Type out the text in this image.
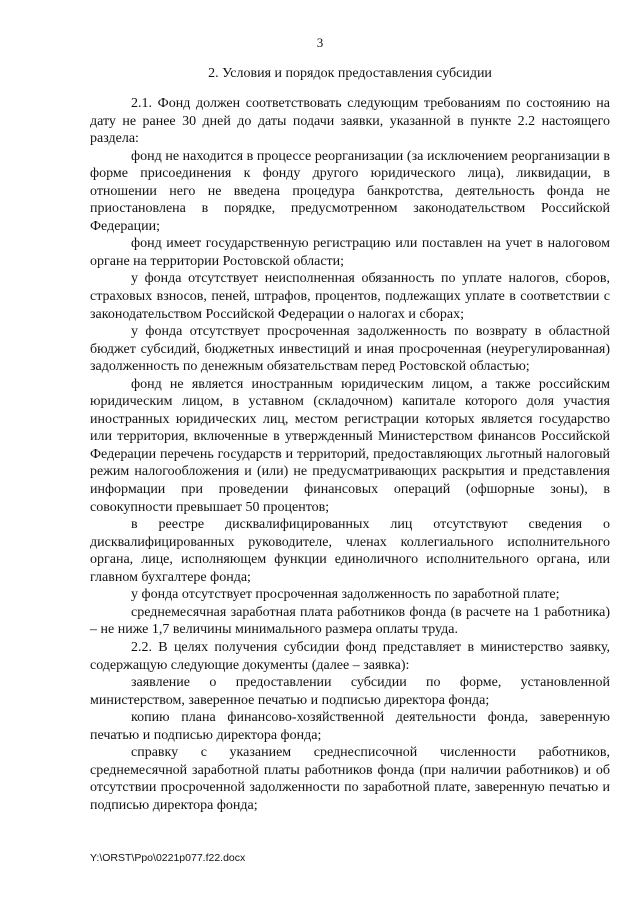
3
2. Условия и порядок предоставления субсидии

2.1. Фонд должен соответствовать следующим требованиям по состоянию на дату не ранее 30 дней до даты подачи заявки, указанной в пункте 2.2 настоящего раздела:

фонд не находится в процессе реорганизации (за исключением реорганизации в форме присоединения к фонду другого юридического лица), ликвидации, в отношении него не введена процедура банкротства, деятельность фонда не приостановлена в порядке, предусмотренном законодательством Российской Федерации;

фонд имеет государственную регистрацию или поставлен на учет в налоговом органе на территории Ростовской области;

у фонда отсутствует неисполненная обязанность по уплате налогов, сборов, страховых взносов, пеней, штрафов, процентов, подлежащих уплате в соответствии с законодательством Российской Федерации о налогах и сборах;

у фонда отсутствует просроченная задолженность по возврату в областной бюджет субсидий, бюджетных инвестиций и иная просроченная (неурегулированная) задолженность по денежным обязательствам перед Ростовской областью;

фонд не является иностранным юридическим лицом, а также российским юридическим лицом, в уставном (складочном) капитале которого доля участия иностранных юридических лиц, местом регистрации которых является государство или территория, включенные в утвержденный Министерством финансов Российской Федерации перечень государств и территорий, предоставляющих льготный налоговый режим налогообложения и (или) не предусматривающих раскрытия и представления информации при проведении финансовых операций (офшорные зоны), в совокупности превышает 50 процентов;

в реестре дисквалифицированных лиц отсутствуют сведения о дисквалифицированных руководителе, членах коллегиального исполнительного органа, лице, исполняющем функции единоличного исполнительного органа, или главном бухгалтере фонда;

у фонда отсутствует просроченная задолженность по заработной плате;

среднемесячная заработная плата работников фонда (в расчете на 1 работника) – не ниже 1,7 величины минимального размера оплаты труда.

2.2. В целях получения субсидии фонд представляет в министерство заявку, содержащую следующие документы (далее – заявка):

заявление о предоставлении субсидии по форме, установленной министерством, заверенное печатью и подписью директора фонда;

копию плана финансово-хозяйственной деятельности фонда, заверенную печатью и подписью директора фонда;

справку с указанием среднесписочной численности работников, среднемесячной заработной платы работников фонда (при наличии работников) и об отсутствии просроченной задолженности по заработной плате, заверенную печатью и подписью директора фонда;

Y:\ORST\Ppo\0221p077.f22.docx
